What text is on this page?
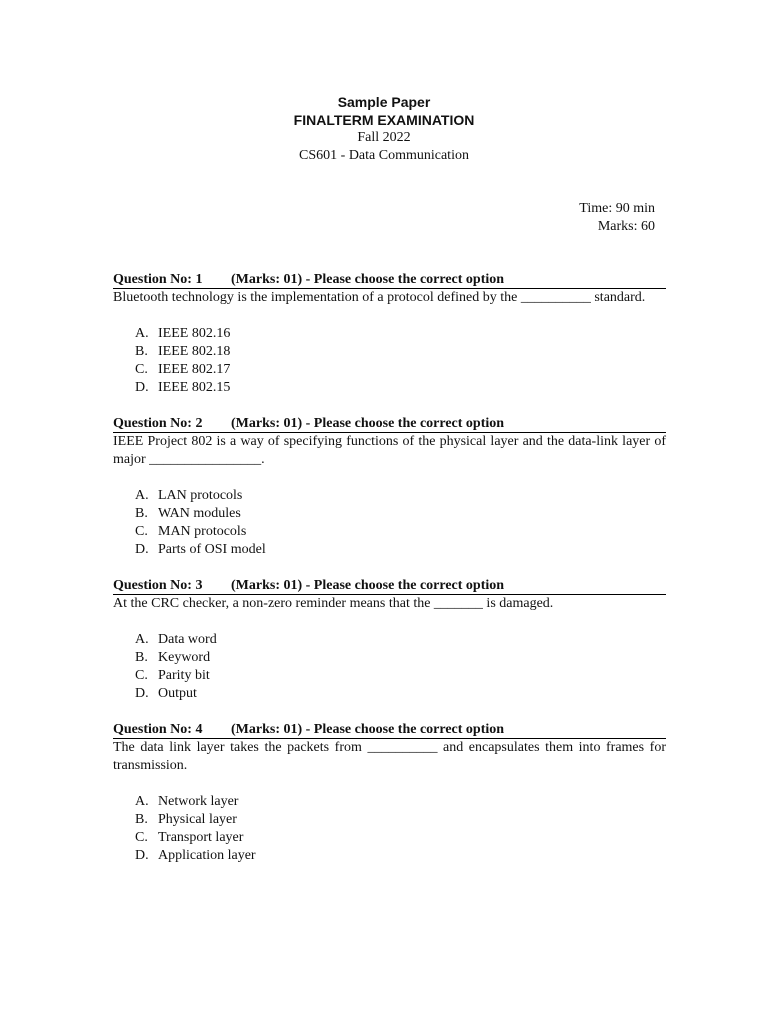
Sample Paper
FINALTERM EXAMINATION
Fall 2022
CS601 - Data Communication
Time: 90 min
Marks: 60
Question No: 1 (Marks: 01) - Please choose the correct option
Bluetooth technology is the implementation of a protocol defined by the __________ standard.
A. IEEE 802.16
B. IEEE 802.18
C. IEEE 802.17
D. IEEE 802.15
Question No: 2 (Marks: 01) - Please choose the correct option
IEEE Project 802 is a way of specifying functions of the physical layer and the data-link layer of major ________________.
A. LAN protocols
B. WAN modules
C. MAN protocols
D. Parts of OSI model
Question No: 3 (Marks: 01) - Please choose the correct option
At the CRC checker, a non-zero reminder means that the _______ is damaged.
A. Data word
B. Keyword
C. Parity bit
D. Output
Question No: 4 (Marks: 01) - Please choose the correct option
The data link layer takes the packets from __________ and encapsulates them into frames for transmission.
A. Network layer
B. Physical layer
C. Transport layer
D. Application layer
